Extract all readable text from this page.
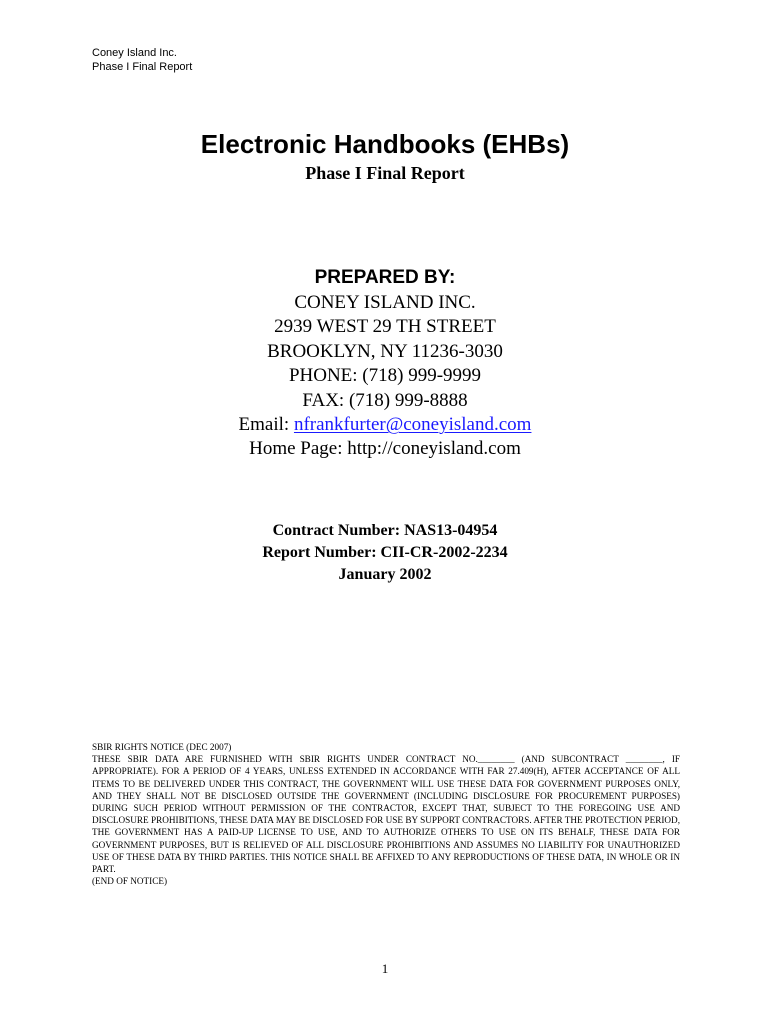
Coney Island Inc.
Phase I Final Report
Electronic Handbooks (EHBs)
Phase I Final Report
PREPARED BY:
CONEY ISLAND INC.
2939 WEST 29 TH STREET
BROOKLYN, NY 11236-3030
PHONE: (718) 999-9999
FAX: (718) 999-8888
Email: nfrankfurter@coneyisland.com
Home Page: http://coneyisland.com
Contract Number: NAS13-04954
Report Number: CII-CR-2002-2234
January 2002
SBIR RIGHTS NOTICE (DEC 2007)
THESE SBIR DATA ARE FURNISHED WITH SBIR RIGHTS UNDER CONTRACT NO.________ (AND SUBCONTRACT ________, IF APPROPRIATE). FOR A PERIOD OF 4 YEARS, UNLESS EXTENDED IN ACCORDANCE WITH FAR 27.409(H), AFTER ACCEPTANCE OF ALL ITEMS TO BE DELIVERED UNDER THIS CONTRACT, THE GOVERNMENT WILL USE THESE DATA FOR GOVERNMENT PURPOSES ONLY, AND THEY SHALL NOT BE DISCLOSED OUTSIDE THE GOVERNMENT (INCLUDING DISCLOSURE FOR PROCUREMENT PURPOSES) DURING SUCH PERIOD WITHOUT PERMISSION OF THE CONTRACTOR, EXCEPT THAT, SUBJECT TO THE FOREGOING USE AND DISCLOSURE PROHIBITIONS, THESE DATA MAY BE DISCLOSED FOR USE BY SUPPORT CONTRACTORS. AFTER THE PROTECTION PERIOD, THE GOVERNMENT HAS A PAID-UP LICENSE TO USE, AND TO AUTHORIZE OTHERS TO USE ON ITS BEHALF, THESE DATA FOR GOVERNMENT PURPOSES, BUT IS RELIEVED OF ALL DISCLOSURE PROHIBITIONS AND ASSUMES NO LIABILITY FOR UNAUTHORIZED USE OF THESE DATA BY THIRD PARTIES. THIS NOTICE SHALL BE AFFIXED TO ANY REPRODUCTIONS OF THESE DATA, IN WHOLE OR IN PART.
(END OF NOTICE)
1
